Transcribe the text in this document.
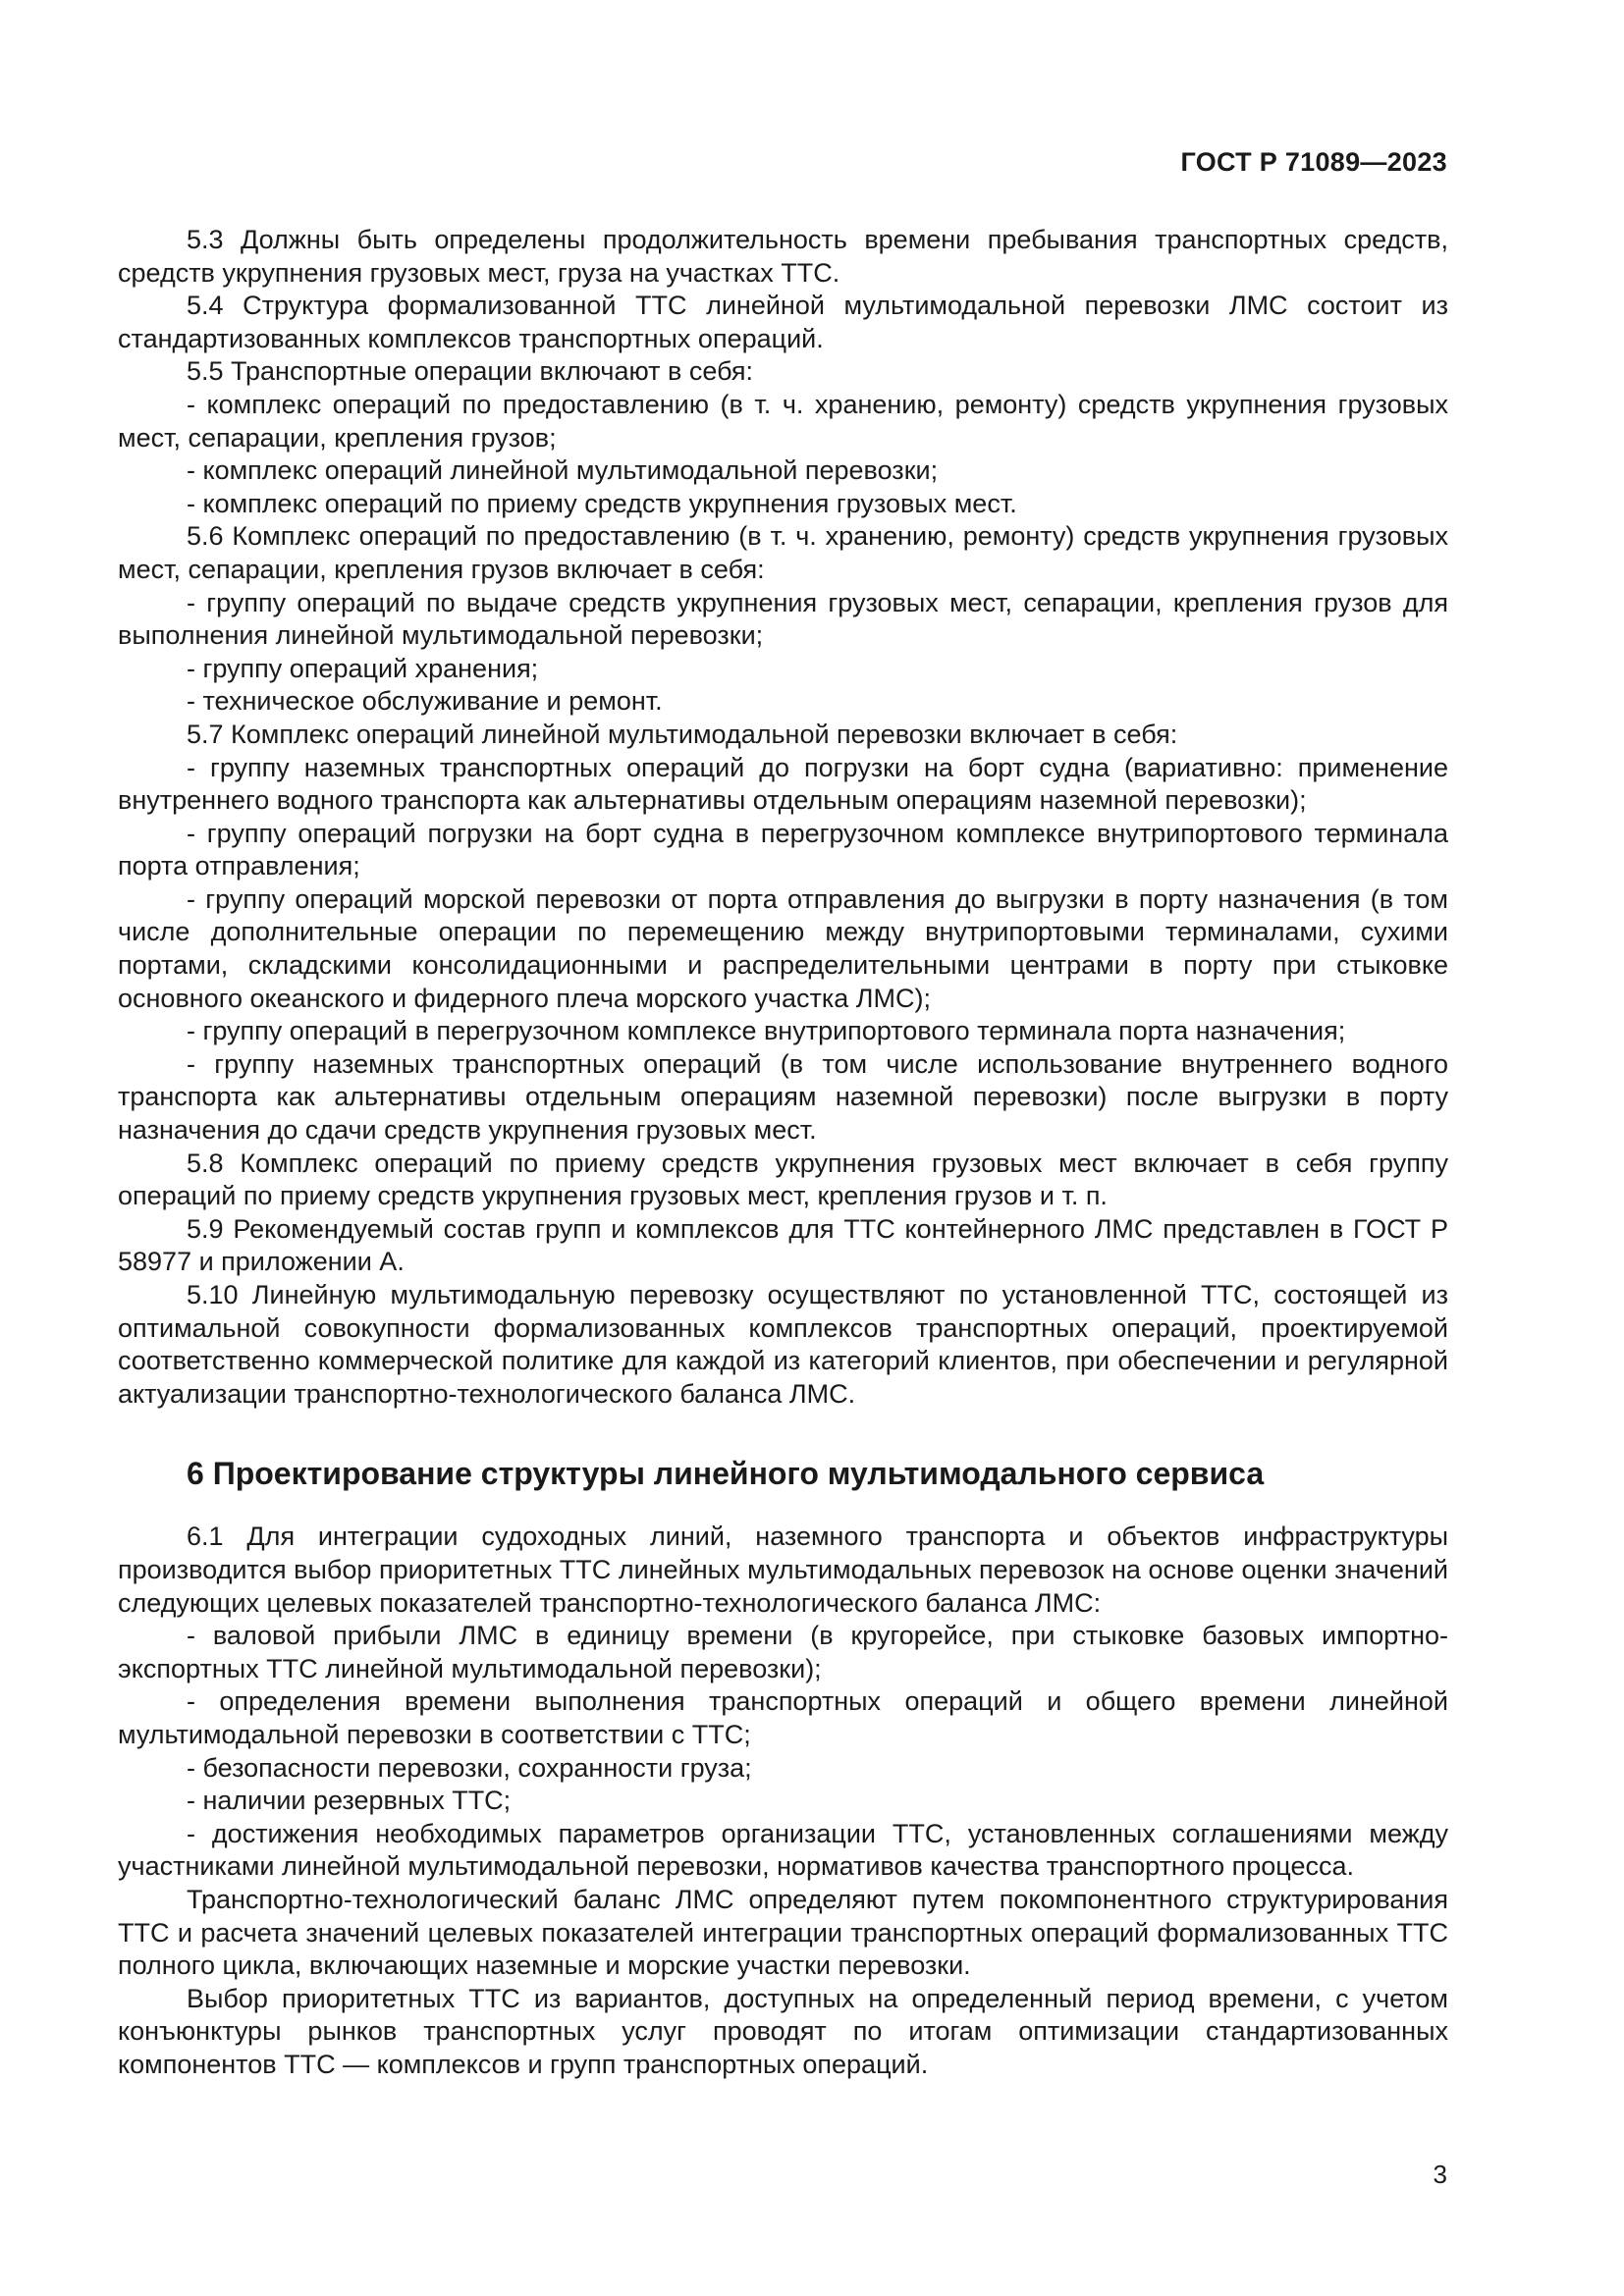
ГОСТ Р 71089—2023

5.3 Должны быть определены продолжительность времени пребывания транспортных средств, средств укрупнения грузовых мест, груза на участках ТТС.

5.4 Структура формализованной ТТС линейной мультимодальной перевозки ЛМС состоит из стандартизованных комплексов транспортных операций.

5.5 Транспортные операции включают в себя:

- комплекс операций по предоставлению (в т. ч. хранению, ремонту) средств укрупнения грузовых мест, сепарации, крепления грузов;

- комплекс операций линейной мультимодальной перевозки;

- комплекс операций по приему средств укрупнения грузовых мест.

5.6 Комплекс операций по предоставлению (в т. ч. хранению, ремонту) средств укрупнения грузовых мест, сепарации, крепления грузов включает в себя:

- группу операций по выдаче средств укрупнения грузовых мест, сепарации, крепления грузов для выполнения линейной мультимодальной перевозки;

- группу операций хранения;

- техническое обслуживание и ремонт.

5.7 Комплекс операций линейной мультимодальной перевозки включает в себя:

- группу наземных транспортных операций до погрузки на борт судна (вариативно: применение внутреннего водного транспорта как альтернативы отдельным операциям наземной перевозки);

- группу операций погрузки на борт судна в перегрузочном комплексе внутрипортового терминала порта отправления;

- группу операций морской перевозки от порта отправления до выгрузки в порту назначения (в том числе дополнительные операции по перемещению между внутрипортовыми терминалами, сухими портами, складскими консолидационными и распределительными центрами в порту при стыковке основного океанского и фидерного плеча морского участка ЛМС);

- группу операций в перегрузочном комплексе внутрипортового терминала порта назначения;

- группу наземных транспортных операций (в том числе использование внутреннего водного транспорта как альтернативы отдельным операциям наземной перевозки) после выгрузки в порту назначения до сдачи средств укрупнения грузовых мест.

5.8 Комплекс операций по приему средств укрупнения грузовых мест включает в себя группу операций по приему средств укрупнения грузовых мест, крепления грузов и т. п.

5.9 Рекомендуемый состав групп и комплексов для ТТС контейнерного ЛМС представлен в ГОСТ Р 58977 и приложении А.

5.10 Линейную мультимодальную перевозку осуществляют по установленной ТТС, состоящей из оптимальной совокупности формализованных комплексов транспортных операций, проектируемой соответственно коммерческой политике для каждой из категорий клиентов, при обеспечении и регулярной актуализации транспортно-технологического баланса ЛМС.

6 Проектирование структуры линейного мультимодального сервиса

6.1 Для интеграции судоходных линий, наземного транспорта и объектов инфраструктуры производится выбор приоритетных ТТС линейных мультимодальных перевозок на основе оценки значений следующих целевых показателей транспортно-технологического баланса ЛМС:

- валовой прибыли ЛМС в единицу времени (в кругорейсе, при стыковке базовых импортно-экспортных ТТС линейной мультимодальной перевозки);

- определения времени выполнения транспортных операций и общего времени линейной мультимодальной перевозки в соответствии с ТТС;

- безопасности перевозки, сохранности груза;

- наличии резервных ТТС;

- достижения необходимых параметров организации ТТС, установленных соглашениями между участниками линейной мультимодальной перевозки, нормативов качества транспортного процесса.

Транспортно-технологический баланс ЛМС определяют путем покомпонентного структурирования ТТС и расчета значений целевых показателей интеграции транспортных операций формализованных ТТС полного цикла, включающих наземные и морские участки перевозки.

Выбор приоритетных ТТС из вариантов, доступных на определенный период времени, с учетом конъюнктуры рынков транспортных услуг проводят по итогам оптимизации стандартизованных компонентов ТТС — комплексов и групп транспортных операций.

3
